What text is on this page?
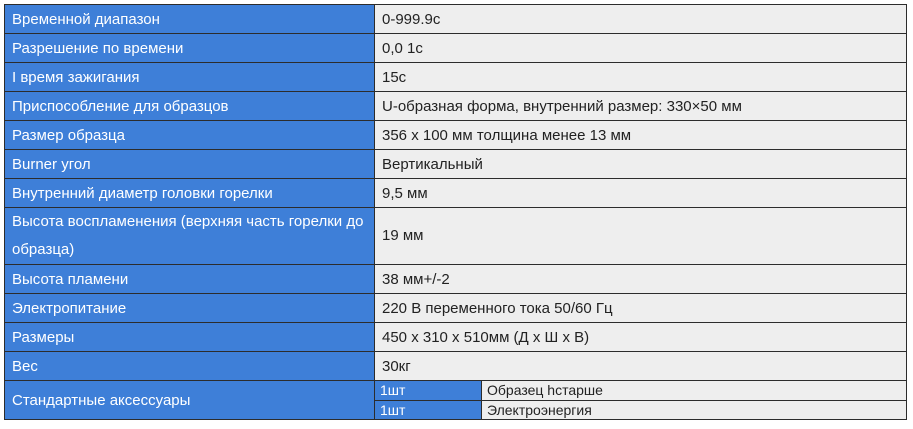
Временной диапазон	0-999.9с
Разрешение по времени	0,0 1с
I время зажигания	15с
Приспособление для образцов	U-образная форма, внутренний размер: 330×50 мм
Размер образца	356 x 100 мм толщина менее 13 мм
Burner угол	Вертикальный
Внутренний диаметр головки горелки	9,5 мм
Высота воспламенения (верхняя часть горелки до образца)	19 мм
Высота пламени	38 мм+/-2
Электропитание	220 В переменного тока 50/60 Гц
Размеры	450 x 310 x 510мм (Д x Ш x В)
Вес	30кг
Стандартные аксессуары	
1шт	Образец hстарше
1шт	Электроэнергия
